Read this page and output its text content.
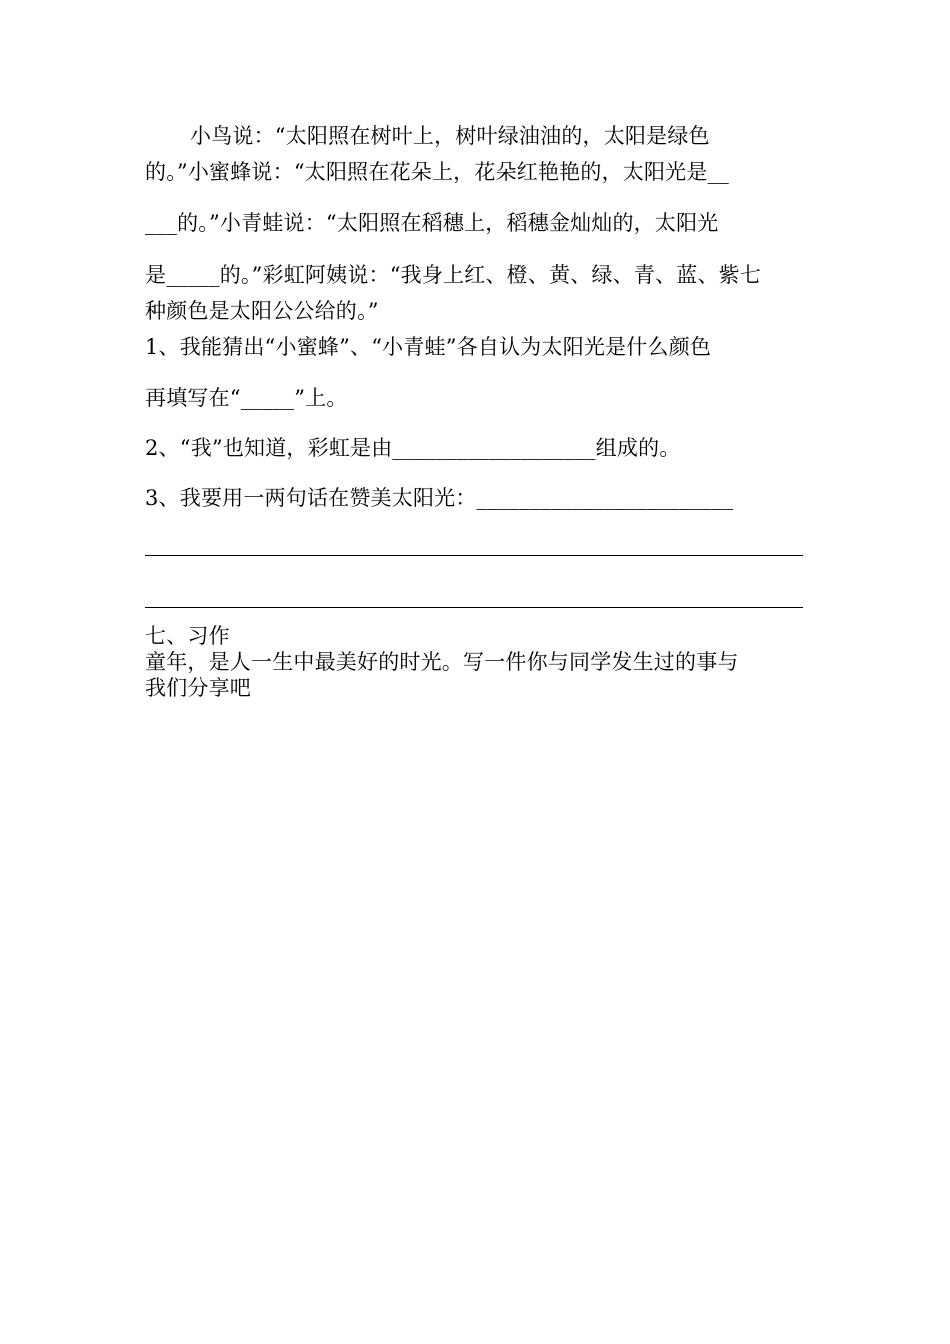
小鸟说：“太阳照在树叶上，树叶绿油油的，太阳是绿色
的。”小蜜蜂说：“太阳照在花朵上，花朵红艳艳的，太阳光是__
___的。”小青蛙说：“太阳照在稻穗上，稻穗金灿灿的，太阳光
是_____的。”彩虹阿姨说：“我身上红、橙、黄、绿、青、蓝、紫七
种颜色是太阳公公给的。”
1、我能猜出“小蜜蜂”、“小青蛙”各自认为太阳光是什么颜色
再填写在“_____”上。
2、“我”也知道，彩虹是由___________________组成的。
3、我要用一两句话在赞美太阳光：________________________
七、习作
童年，是人一生中最美好的时光。写一件你与同学发生过的事与
我们分享吧
